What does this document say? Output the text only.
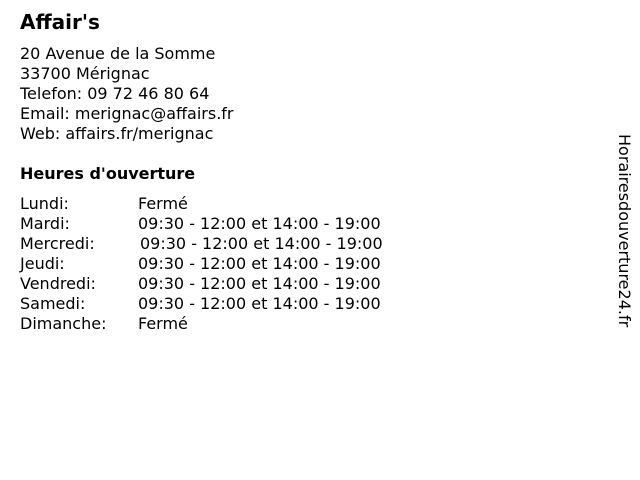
Affair's
20 Avenue de la Somme
33700 Mérignac
Telefon: 09 72 46 80 64
Email: merignac@affairs.fr
Web: affairs.fr/merignac
Heures d'ouverture
Lundi:	Fermé
Mardi:	09:30 - 12:00 et 14:00 - 19:00
Mercredi:	09:30 - 12:00 et 14:00 - 19:00
Jeudi:	09:30 - 12:00 et 14:00 - 19:00
Vendredi:	09:30 - 12:00 et 14:00 - 19:00
Samedi:	09:30 - 12:00 et 14:00 - 19:00
Dimanche: Fermé	Horairesdouverture24.fr
